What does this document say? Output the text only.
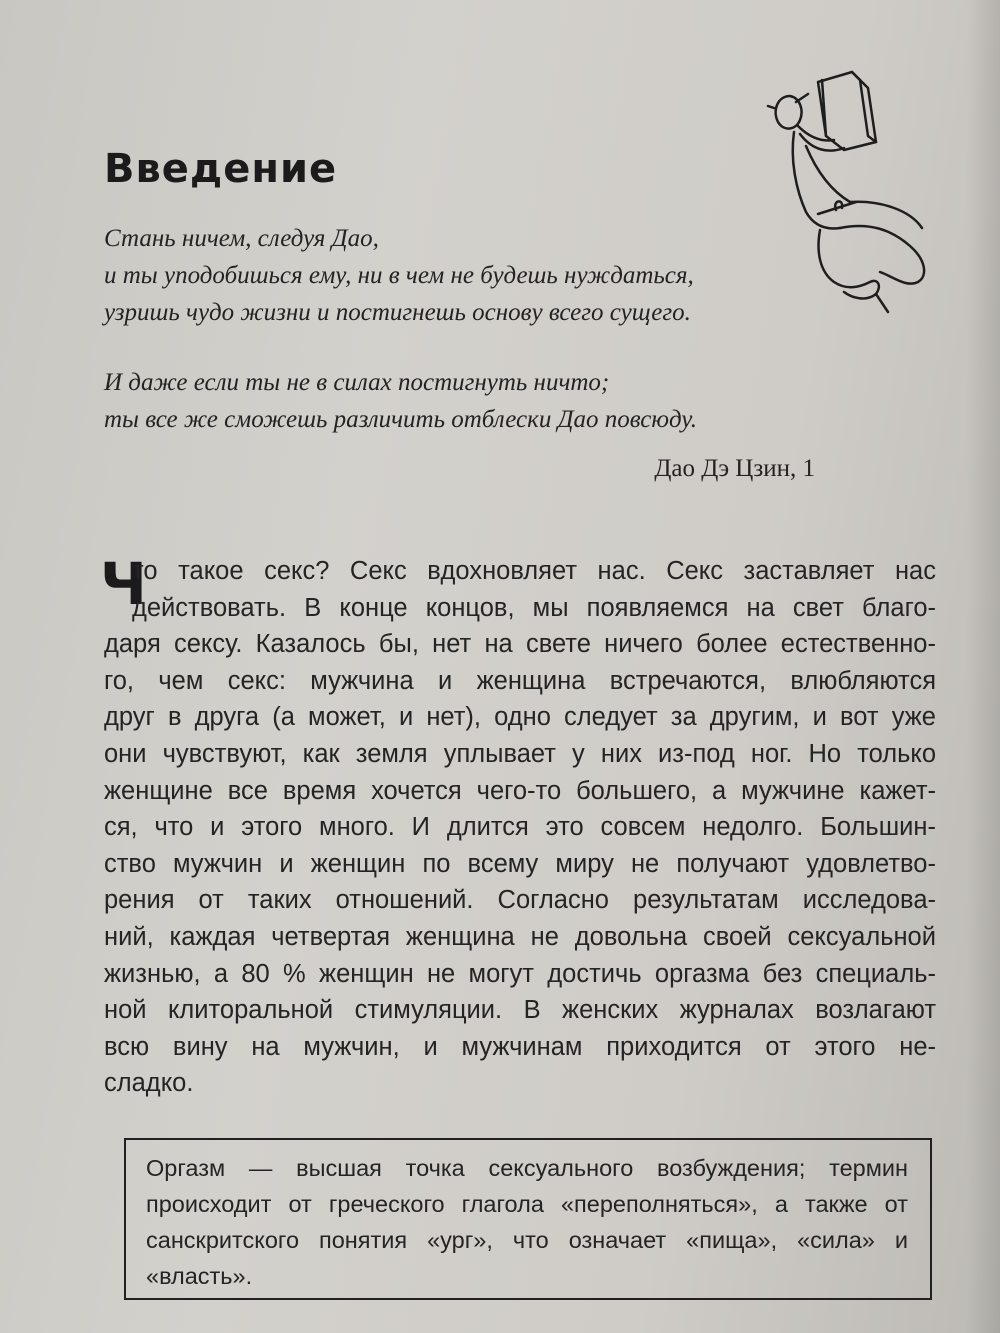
Введение
Стань ничем, следуя Дао,
и ты уподобишься ему, ни в чем не будешь нуждаться,
узришь чудо жизни и постигнешь основу всего сущего.
И даже если ты не в силах постигнуть ничто;
ты все же сможешь различить отблески Дао повсюду.
Дао Дэ Цзин, 1
Ч
то такое секс? Секс вдохновляет нас. Секс заставляет нас
действовать. В конце концов, мы появляемся на свет благо-
даря сексу. Казалось бы, нет на свете ничего более естественно-
го, чем секс: мужчина и женщина встречаются, влюбляются
друг в друга (а может, и нет), одно следует за другим, и вот уже
они чувствуют, как земля уплывает у них из-под ног. Но только
женщине все время хочется чего-то большего, а мужчине кажет-
ся, что и этого много. И длится это совсем недолго. Большин-
ство мужчин и женщин по всему миру не получают удовлетво-
рения от таких отношений. Согласно результатам исследова-
ний, каждая четвертая женщина не довольна своей сексуальной
жизнью, а 80 % женщин не могут достичь оргазма без специаль-
ной клиторальной стимуляции. В женских журналах возлагают
всю вину на мужчин, и мужчинам приходится от этого не-
сладко.
Оргазм — высшая точка сексуального возбуждения; термин
происходит от греческого глагола «переполняться», а также от
санскритского понятия «ург», что означает «пища», «сила» и
«власть».
